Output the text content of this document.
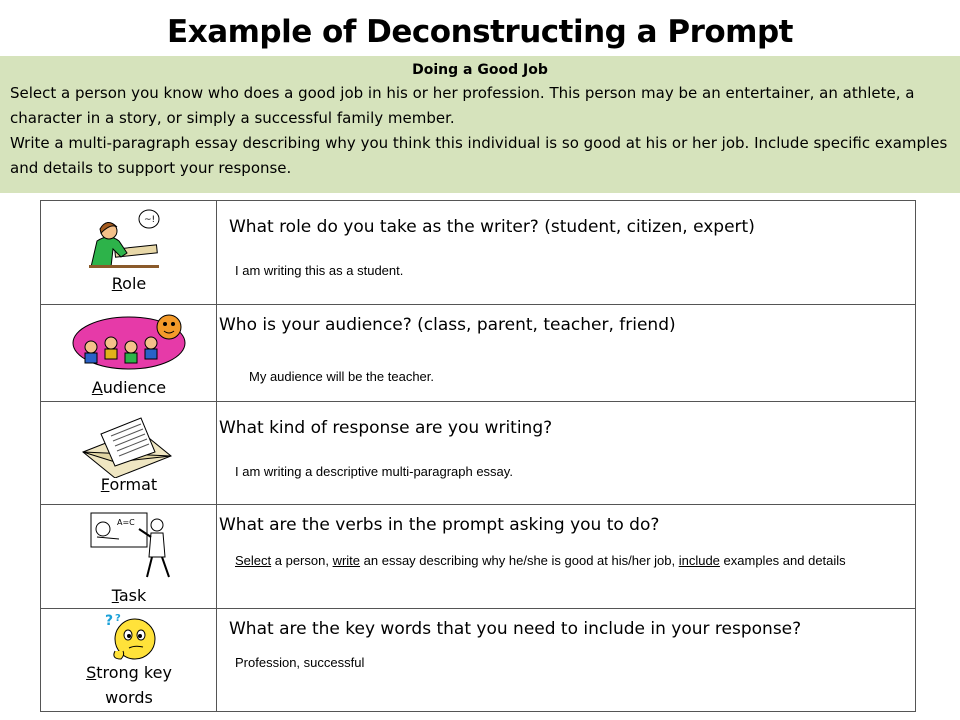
Example of Deconstructing a Prompt
Doing a Good Job
Select a person you know who does a good job in his or her profession. This person may be an entertainer, an athlete, a character in a story, or simply a successful family member.
Write a multi-paragraph essay describing why you think this individual is so good at his or her job. Include specific examples and details to support your response.
~!
Role
What role do you take as the writer? (student, citizen, expert)
I am writing this as a student.
Audience
Who is your audience? (class, parent, teacher, friend)
My audience will be the teacher.
Format
What kind of response are you writing?
I am writing a descriptive multi-paragraph essay.
A=C
Task
What are the verbs in the prompt asking you to do?
Select a person, write an essay describing why he/she is good at his/her job, include examples and details
? ?
Strong key
words
What are the key words that you need to include in your response?
Profession, successful
